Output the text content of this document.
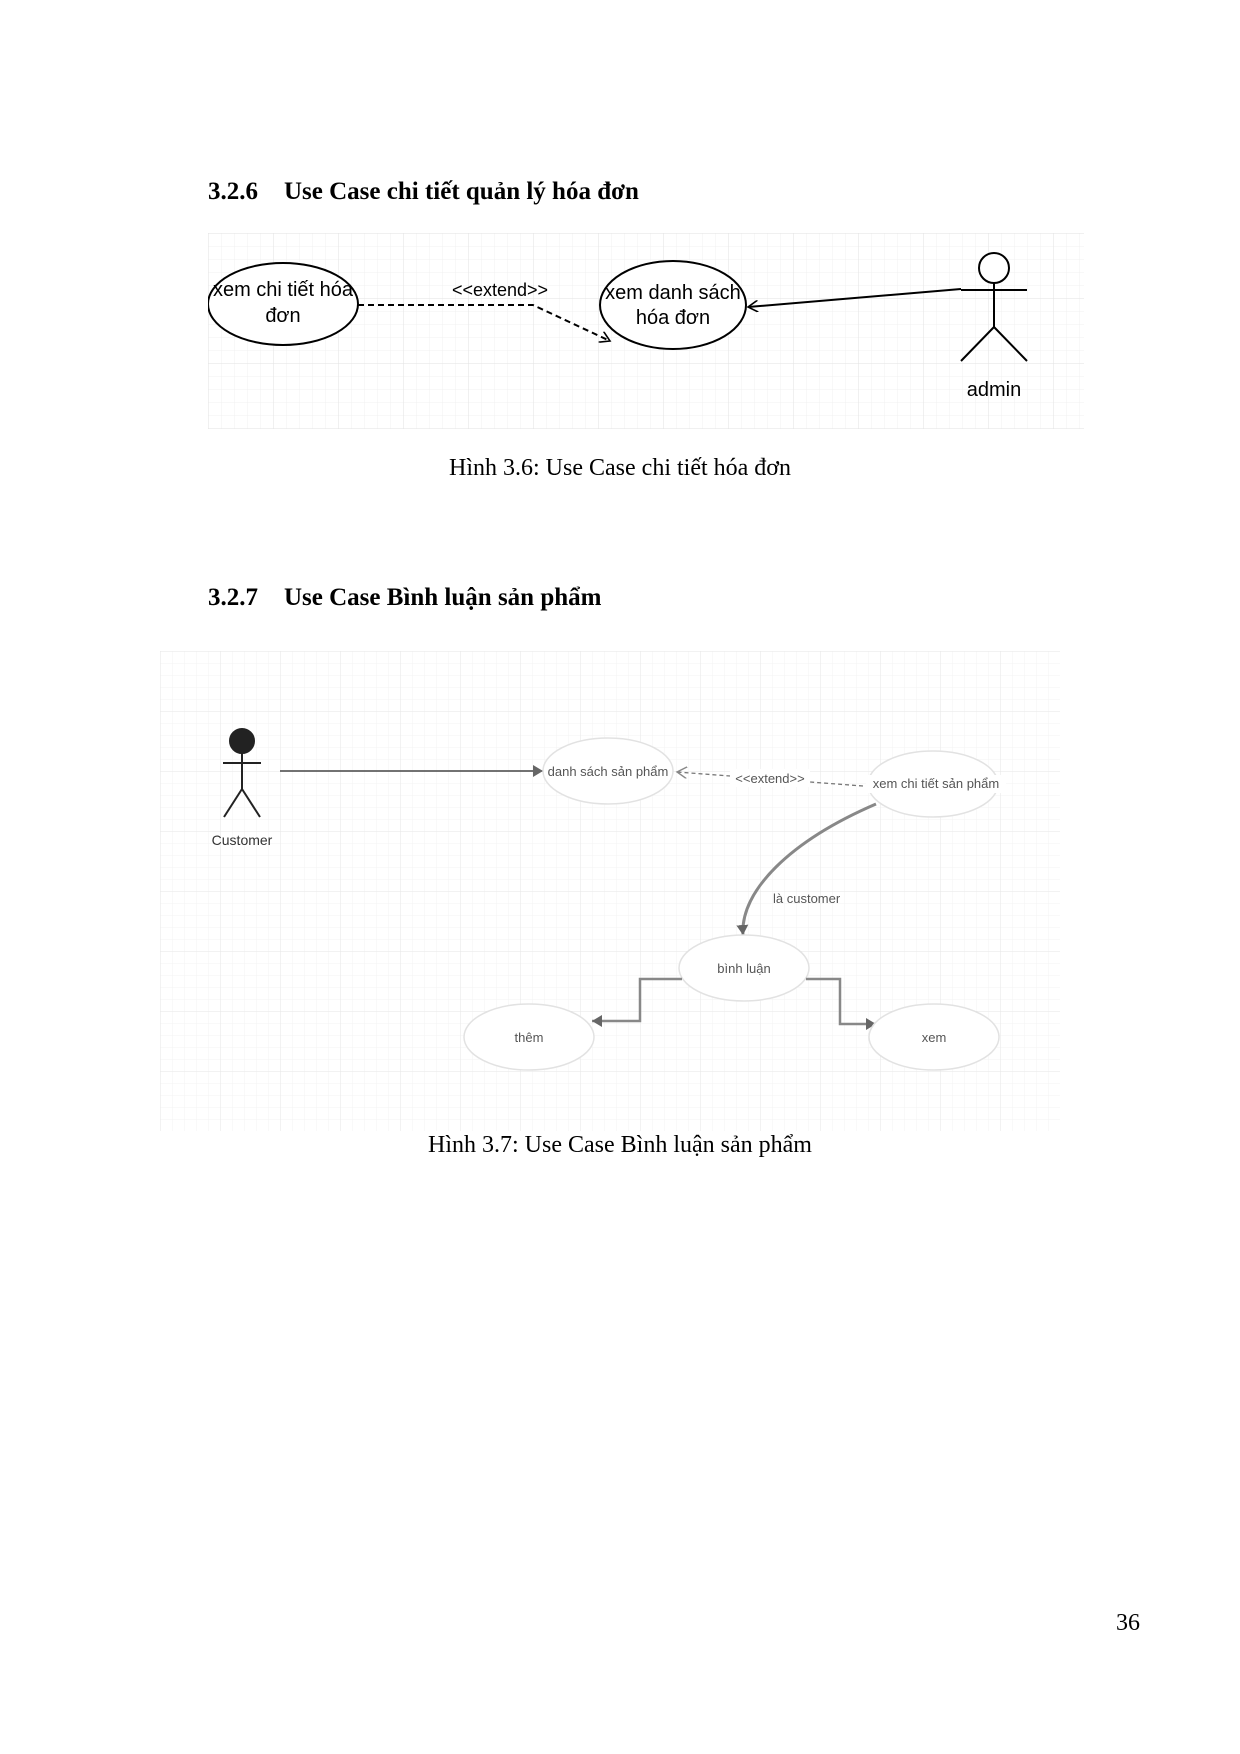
3.2.6 Use Case chi tiết quản lý hóa đơn
xem chi tiết hóa
đơn
<<extend>>	xem danh sách
hóa đơn
admin

Hình 3.6: Use Case chi tiết hóa đơn

3.2.7 Use Case Bình luận sản phẩm
Customer
danh sách sản phẩm	<<extend>>	xem chi tiết sản phẩm
là customer
bình luận
thêm	xem

Hình 3.7: Use Case Bình luận sản phẩm

36
